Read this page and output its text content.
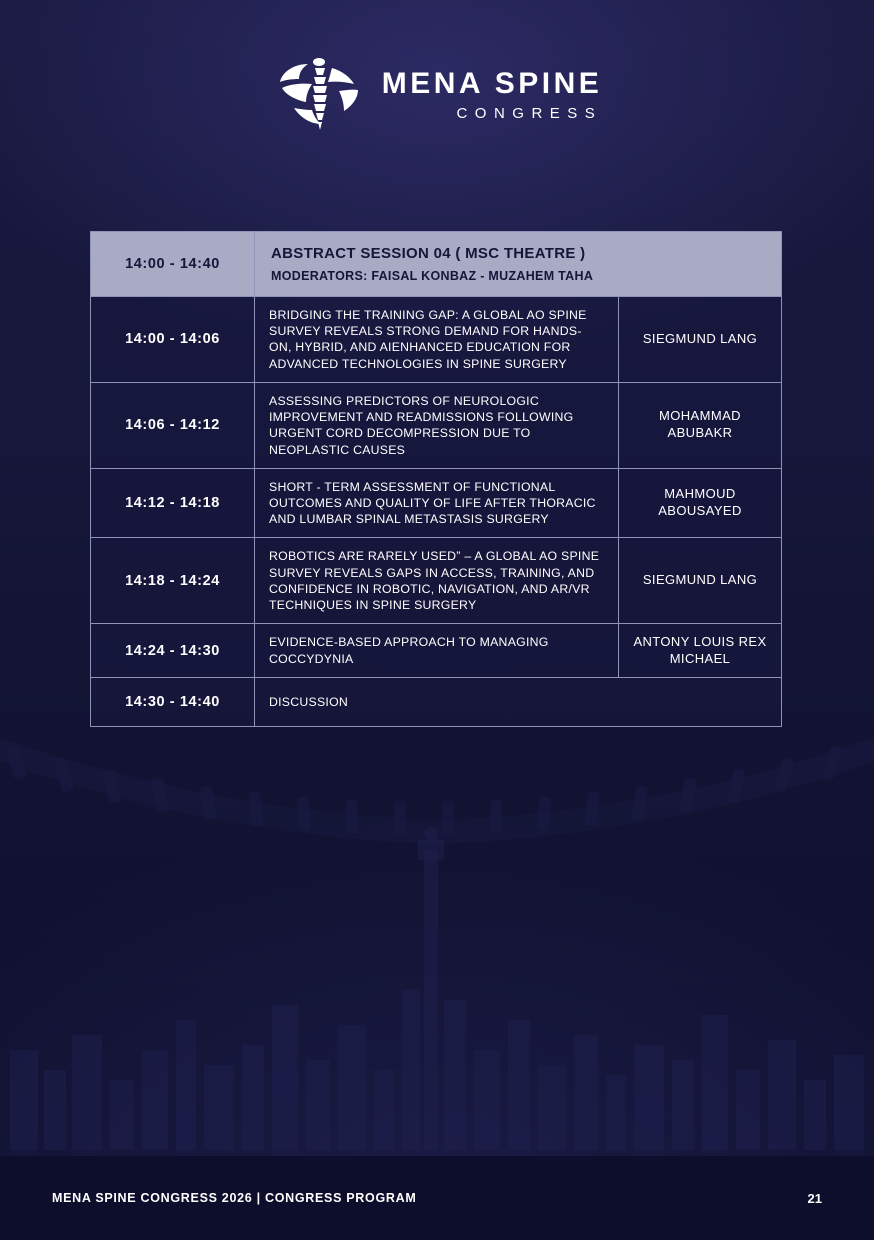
MENA SPINE
CONGRESS
14:00 - 14:40
ABSTRACT SESSION 04 ( MSC THEATRE )
MODERATORS: FAISAL KONBAZ - MUZAHEM TAHA
14:00 - 14:06
BRIDGING THE TRAINING GAP: A GLOBAL AO SPINE SURVEY REVEALS STRONG DEMAND FOR HANDS-ON, HYBRID, AND AIENHANCED EDUCATION FOR ADVANCED TECHNOLOGIES IN SPINE SURGERY
SIEGMUND LANG
14:06 - 14:12
ASSESSING PREDICTORS OF NEUROLOGIC IMPROVEMENT AND READMISSIONS FOLLOWING URGENT CORD DECOMPRESSION DUE TO NEOPLASTIC CAUSES
MOHAMMAD ABUBAKR
14:12 - 14:18
SHORT - TERM ASSESSMENT OF FUNCTIONAL OUTCOMES AND QUALITY OF LIFE AFTER THORACIC AND LUMBAR SPINAL METASTASIS SURGERY
MAHMOUD ABOUSAYED
14:18 - 14:24
ROBOTICS ARE RARELY USED” – A GLOBAL AO SPINE SURVEY REVEALS GAPS IN ACCESS, TRAINING, AND CONFIDENCE IN ROBOTIC, NAVIGATION, AND AR/VR TECHNIQUES IN SPINE SURGERY
SIEGMUND LANG
14:24 - 14:30
EVIDENCE-BASED APPROACH TO MANAGING COCCYDYNIA
ANTONY LOUIS REX MICHAEL
14:30 - 14:40	DISCUSSION
MENA SPINE CONGRESS 2026 | CONGRESS PROGRAM	21
